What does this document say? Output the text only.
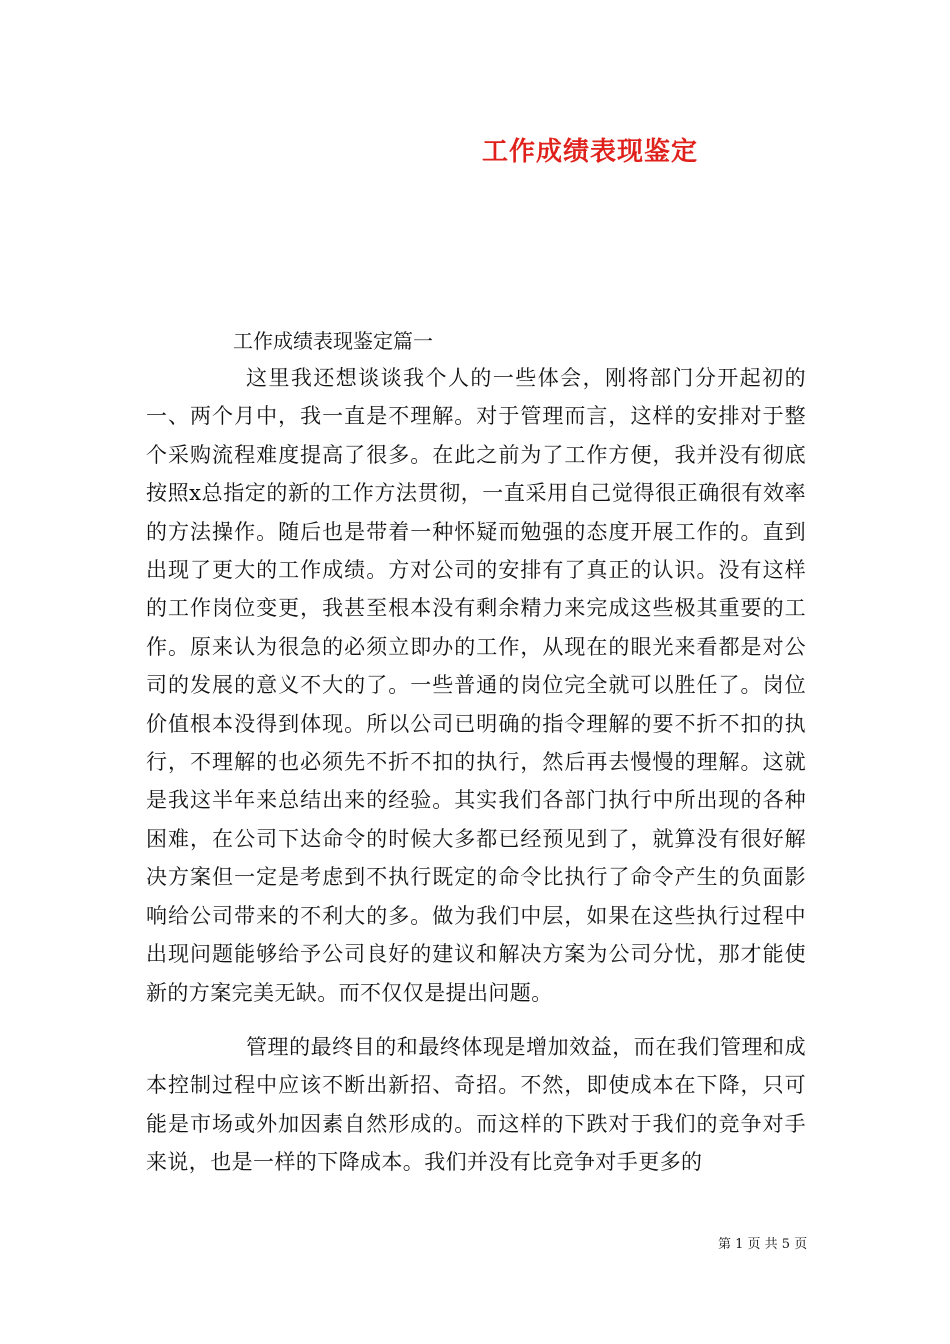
工作成绩表现鉴定
工作成绩表现鉴定篇一

这里我还想谈谈我个人的一些体会，刚将部门分开起初的一、两个月中，我一直是不理解。对于管理而言，这样的安排对于整个采购流程难度提高了很多。在此之前为了工作方便，我并没有彻底按照x总指定的新的工作方法贯彻，一直采用自己觉得很正确很有效率的方法操作。随后也是带着一种怀疑而勉强的态度开展工作的。直到出现了更大的工作成绩。方对公司的安排有了真正的认识。没有这样的工作岗位变更，我甚至根本没有剩余精力来完成这些极其重要的工作。原来认为很急的必须立即办的工作，从现在的眼光来看都是对公司的发展的意义不大的了。一些普通的岗位完全就可以胜任了。岗位价值根本没得到体现。所以公司已明确的指令理解的要不折不扣的执行，不理解的也必须先不折不扣的执行，然后再去慢慢的理解。这就是我这半年来总结出来的经验。其实我们各部门执行中所出现的各种困难，在公司下达命令的时候大多都已经预见到了，就算没有很好解决方案但一定是考虑到不执行既定的命令比执行了命令产生的负面影响给公司带来的不利大的多。做为我们中层，如果在这些执行过程中出现问题能够给予公司良好的建议和解决方案为公司分忧，那才能使新的方案完美无缺。而不仅仅是提出问题。

管理的最终目的和最终体现是增加效益，而在我们管理和成本控制过程中应该不断出新招、奇招。不然，即使成本在下降，只可能是市场或外加因素自然形成的。而这样的下跌对于我们的竞争对手来说，也是一样的下降成本。我们并没有比竞争对手更多的

第 1 页 共 5 页
